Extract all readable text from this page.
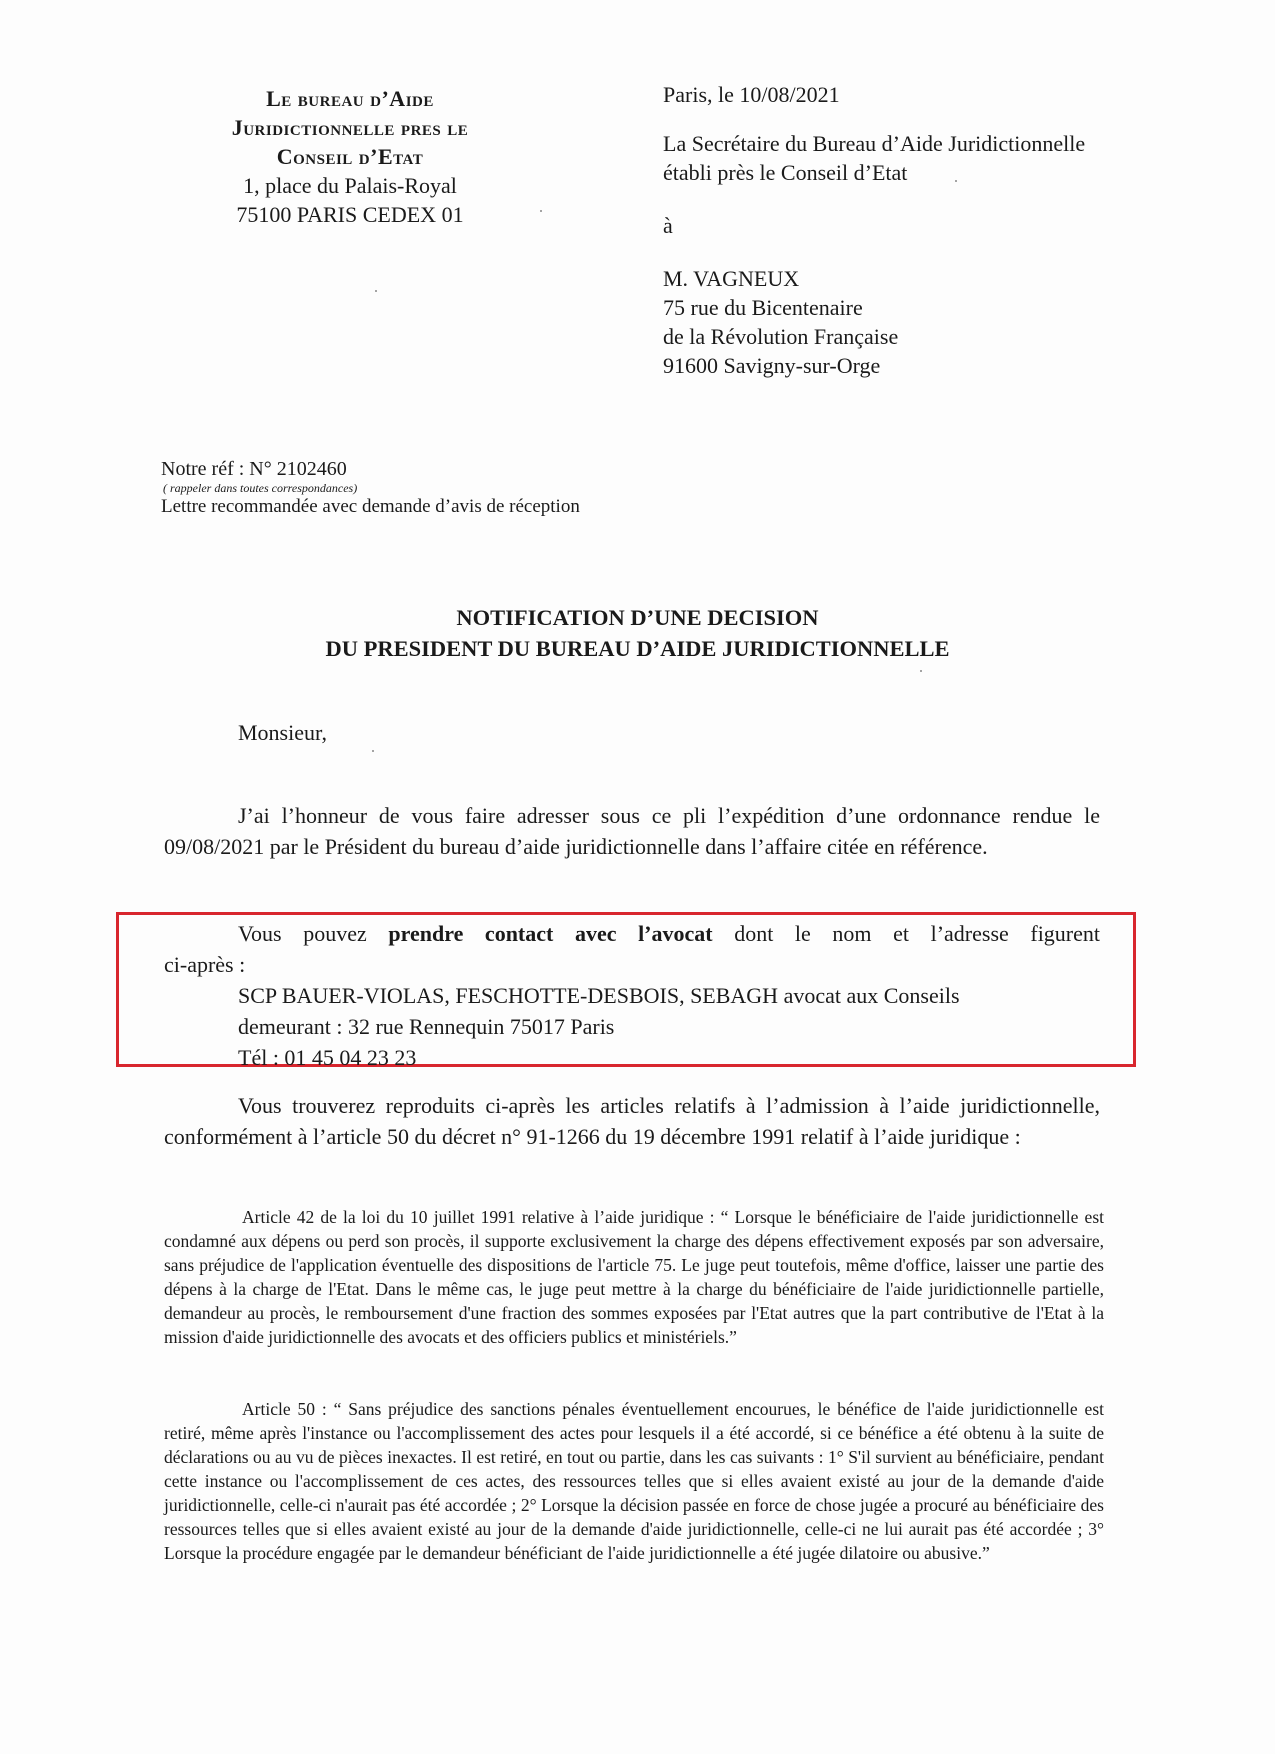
Le bureau d’Aide
Juridictionnelle pres le
Conseil d’Etat
1, place du Palais-Royal
75100 PARIS CEDEX 01
Paris, le 10/08/2021
La Secrétaire du Bureau d’Aide Juridictionnelle
établi près le Conseil d’Etat
à
M. VAGNEUX
75 rue du Bicentenaire
de la Révolution Française
91600 Savigny-sur-Orge
Notre réf : N° 2102460
( rappeler dans toutes correspondances)
Lettre recommandée avec demande d’avis de réception
NOTIFICATION D’UNE DECISION
DU PRESIDENT DU BUREAU D’AIDE JURIDICTIONNELLE
Monsieur,
J’ai l’honneur de vous faire adresser sous ce pli l’expédition d’une ordonnance rendue le 09/08/2021 par le Président du bureau d’aide juridictionnelle dans l’affaire citée en référence.
Vous pouvez prendre contact avec l’avocat dont le nom et l’adresse figurent
ci-après :
SCP BAUER-VIOLAS, FESCHOTTE-DESBOIS, SEBAGH avocat aux Conseils
demeurant : 32 rue Rennequin 75017 Paris
Tél : 01 45 04 23 23
Vous trouverez reproduits ci-après les articles relatifs à l’admission à l’aide juridictionnelle, conformément à l’article 50 du décret n° 91-1266 du 19 décembre 1991 relatif à l’aide juridique :
Article 42 de la loi du 10 juillet 1991 relative à l’aide juridique : “ Lorsque le bénéficiaire de l'aide juridictionnelle est condamné aux dépens ou perd son procès, il supporte exclusivement la charge des dépens effectivement exposés par son adversaire, sans préjudice de l'application éventuelle des dispositions de l'article 75. Le juge peut toutefois, même d'office, laisser une partie des dépens à la charge de l'Etat. Dans le même cas, le juge peut mettre à la charge du bénéficiaire de l'aide juridictionnelle partielle, demandeur au procès, le remboursement d'une fraction des sommes exposées par l'Etat autres que la part contributive de l'Etat à la mission d'aide juridictionnelle des avocats et des officiers publics et ministériels.”
Article 50 : “ Sans préjudice des sanctions pénales éventuellement encourues, le bénéfice de l'aide juridictionnelle est retiré, même après l'instance ou l'accomplissement des actes pour lesquels il a été accordé, si ce bénéfice a été obtenu à la suite de déclarations ou au vu de pièces inexactes. Il est retiré, en tout ou partie, dans les cas suivants : 1° S'il survient au bénéficiaire, pendant cette instance ou l'accomplissement de ces actes, des ressources telles que si elles avaient existé au jour de la demande d'aide juridictionnelle, celle-ci n'aurait pas été accordée ; 2° Lorsque la décision passée en force de chose jugée a procuré au bénéficiaire des ressources telles que si elles avaient existé au jour de la demande d'aide juridictionnelle, celle-ci ne lui aurait pas été accordée ; 3° Lorsque la procédure engagée par le demandeur bénéficiant de l'aide juridictionnelle a été jugée dilatoire ou abusive.”
